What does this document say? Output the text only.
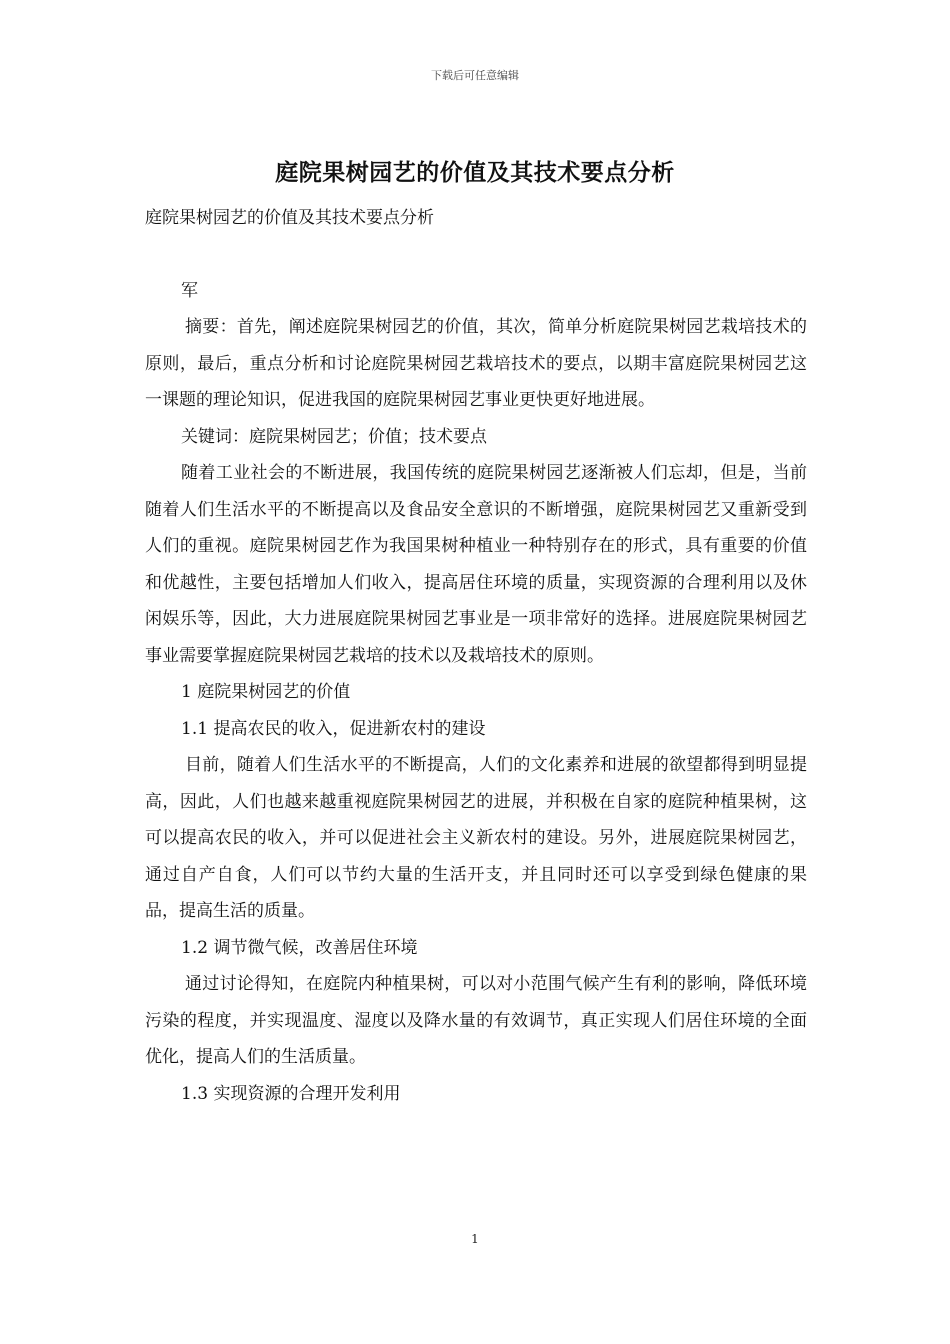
下载后可任意编辑
庭院果树园艺的价值及其技术要点分析

庭院果树园艺的价值及其技术要点分析

军

摘要：首先，阐述庭院果树园艺的价值，其次，简单分析庭院果树园艺栽培技术的原则，最后，重点分析和讨论庭院果树园艺栽培技术的要点，以期丰富庭院果树园艺这一课题的理论知识，促进我国的庭院果树园艺事业更快更好地进展。

关键词：庭院果树园艺；价值；技术要点

随着工业社会的不断进展，我国传统的庭院果树园艺逐渐被人们忘却，但是，当前随着人们生活水平的不断提高以及食品安全意识的不断增强，庭院果树园艺又重新受到人们的重视。庭院果树园艺作为我国果树种植业一种特别存在的形式，具有重要的价值和优越性，主要包括增加人们收入，提高居住环境的质量，实现资源的合理利用以及休闲娱乐等，因此，大力进展庭院果树园艺事业是一项非常好的选择。进展庭院果树园艺事业需要掌握庭院果树园艺栽培的技术以及栽培技术的原则。

1 庭院果树园艺的价值

1.1 提高农民的收入，促进新农村的建设

目前，随着人们生活水平的不断提高，人们的文化素养和进展的欲望都得到明显提高，因此，人们也越来越重视庭院果树园艺的进展，并积极在自家的庭院种植果树，这可以提高农民的收入，并可以促进社会主义新农村的建设。另外，进展庭院果树园艺，通过自产自食，人们可以节约大量的生活开支，并且同时还可以享受到绿色健康的果品，提高生活的质量。

1.2 调节微气候，改善居住环境

通过讨论得知，在庭院内种植果树，可以对小范围气候产生有利的影响，降低环境污染的程度，并实现温度、湿度以及降水量的有效调节，真正实现人们居住环境的全面优化，提高人们的生活质量。

1.3 实现资源的合理开发利用

1
